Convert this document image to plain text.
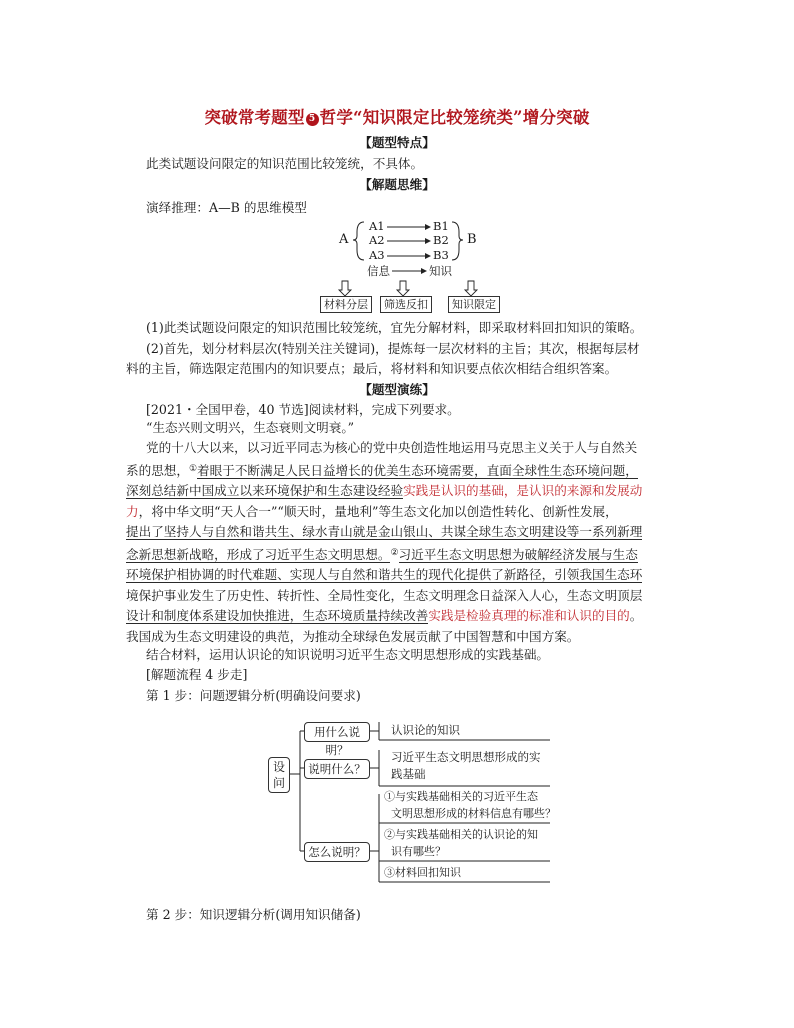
突破常考题型 5 哲学“知识限定比较笼统类”增分突破
【题型特点】
此类试题设问限定的知识范围比较笼统，不具体。
【解题思维】
演绎推理：A—B 的思维模型
A	B
A1
A2
A3
B1
B2
B3
信息	知识
材料分层	筛选反扣	知识限定

(1)此类试题设问限定的知识范围比较笼统，宜先分解材料，即采取材料回扣知识的策略。

(2)首先，划分材料层次(特别关注关键词)，提炼每一层次材料的主旨；其次，根据每层材

料的主旨，筛选限定范围内的知识要点；最后，将材料和知识要点依次相结合组织答案。

【题型演练】
[2021・全国甲卷，40 节选]阅读材料，完成下列要求。
“生态兴则文明兴，生态衰则文明衰。”

党的十八大以来，以习近平同志为核心的党中央创造性地运用马克思主义关于人与自然关

系的思想，①着眼于不断满足人民日益增长的优美生态环境需要，直面全球性生态环境问题，

深刻总结新中国成立以来环境保护和生态建设经验实践是认识的基础，是认识的来源和发展动

力，将中华文明“天人合一”“顺天时，量地利”等生态文化加以创造性转化、创新性发展，

提出了坚持人与自然和谐共生、绿水青山就是金山银山、共谋全球生态文明建设等一系列新理

念新思想新战略，形成了习近平生态文明思想。②习近平生态文明思想为破解经济发展与生态

环境保护相协调的时代难题、实现人与自然和谐共生的现代化提供了新路径，引领我国生态环

境保护事业发生了历史性、转折性、全局性变化，生态文明理念日益深入人心，生态文明顶层

设计和制度体系建设加快推进，生态环境质量持续改善实践是检验真理的标准和认识的目的。

我国成为生态文明建设的典范，为推动全球绿色发展贡献了中国智慧和中国方案。

结合材料，运用认识论的知识说明习近平生态文明思想形成的实践基础。
[解题流程 4 步走]
第 1 步：问题逻辑分析(明确设问要求)
设问
用什么说明？
说明什么？
怎么说明？
认识论的知识
习近平生态文明思想形成的实
践基础
①与实践基础相关的习近平生态
文明思想形成的材料信息有哪些？
②与实践基础相关的认识论的知
识有哪些？
③材料回扣知识
第 2 步：知识逻辑分析(调用知识储备)
